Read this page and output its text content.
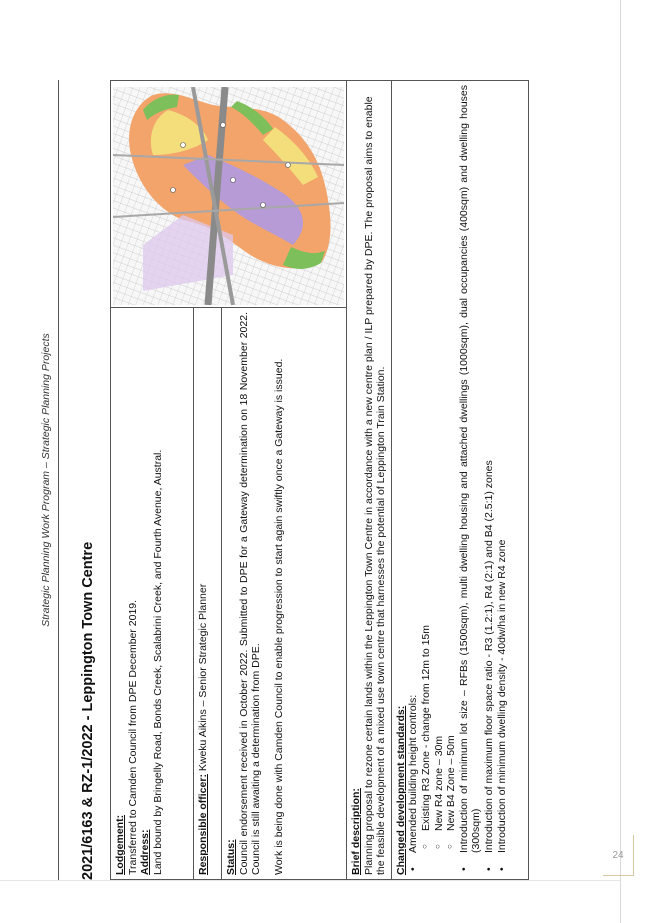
24
Strategic Planning Work Program – Strategic Planning Projects
2021/6163 & RZ-1/2022 - Leppington Town Centre Lodgement: Transferred to Camden Council from DPE December 2019. Address: Land bound by Bringelly Road, Bonds Creek, Scalabrini Creek, and Fourth Avenue, Austral.

Responsible officer: Kweku Aikins – Senior Strategic Planner

Status: Council endorsement received in October 2022. Submitted to DPE for a Gateway determination on 18 November 2022. Council is still awaiting a determination from DPE. Work is being done with Camden Council to enable progression to start again swiftly once a Gateway is issued.

Brief description: Planning proposal to rezone certain lands within the Leppington Town Centre in accordance with a new centre plan / ILP prepared by DPE. The proposal aims to enable the feasible development of a mixed use town centre that harnesses the potential of Leppington Train Station.

Changed development standards: • Amended building height controls: ○ Existing R3 Zone - change from 12m to 15m ○ New R4 zone – 30m ○ New B4 Zone – 50m • Introduction of minimum lot size – RFBs (1500sqm), multi dwelling housing and attached dwellings (1000sqm), dual occupancies (400sqm) and dwelling houses (300sqm) • Introduction of maximum floor space ratio - R3 (1.2:1), R4 (2:1) and B4 (2.5:1) zones • Introduction of minimum dwelling density - 40dw/ha in new R4 zone
